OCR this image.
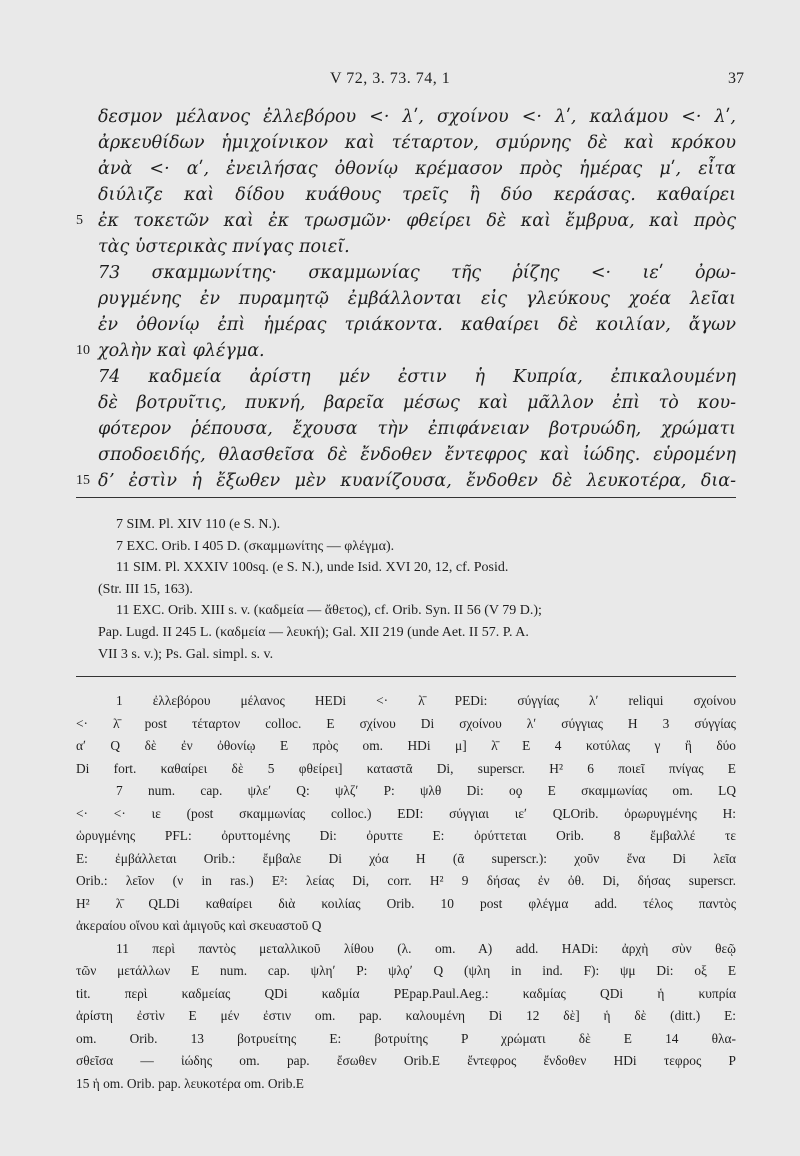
V 72, 3. 73. 74, 1	37
δεσμον μέλανος ἐλλεβόρου <· λʹ, σχοίνου <· λʹ, καλάμου <· λʹ,
ἀρκευθίδων ἡμιχοίνικον καὶ τέταρτον, σμύρνης δὲ καὶ κρόκου
ἀνὰ <· αʹ, ἐνειλήσας ὀθονίῳ κρέμασον πρὸς ἡμέρας μʹ, εἶτα
διύλιζε καὶ δίδου κυάθους τρεῖς ἢ δύο κεράσας. καθαίρει
5 ἐκ τοκετῶν καὶ ἐκ τρωσμῶν· φθείρει δὲ καὶ ἔμβρυα, καὶ πρὸς
τὰς ὑστερικὰς πνίγας ποιεῖ.
73 σκαμμωνίτης· σκαμμωνίας τῆς ῥίζης <· ιεʹ ὀρω-
ρυγμένης ἐν πυραμητῷ ἐμβάλλονται εἰς γλεύκους χοέα λεῖαι
ἐν ὀθονίῳ ἐπὶ ἡμέρας τριάκοντα. καθαίρει δὲ κοιλίαν, ἄγων
10 χολὴν καὶ φλέγμα.
74 καδμεία ἀρίστη μέν ἐστιν ἡ Κυπρία, ἐπικαλουμένη
δὲ βοτρυῖτις, πυκνή, βαρεῖα μέσως καὶ μᾶλλον ἐπὶ τὸ κου-
φότερον ῥέπουσα, ἔχουσα τὴν ἐπιφάνειαν βοτρυώδη, χρώματι
σποδοειδής, θλασθεῖσα δὲ ἔνδοθεν ἔντεφρος καὶ ἰώδης. εὑρομένη
15 δʼ ἐστὶν ἡ ἔξωθεν μὲν κυανίζουσα, ἔνδοθεν δὲ λευκοτέρα, δια-
7 SIM. Pl. XIV 110 (e S. N.).
7 EXC. Orib. I 405 D. (σκαμμωνίτης — φλέγμα).
11 SIM. Pl. XXXIV 100sq. (e S. N.), unde Isid. XVI 20, 12, cf. Posid.
(Str. III 15, 163).
11 EXC. Orib. XIII s. v. (καδμεία — ἄθετος), cf. Orib. Syn. II 56 (V 79 D.);
Pap. Lugd. II 245 L. (καδμεία — λευκή); Gal. XII 219 (unde Aet. II 57. P. A.
VII 3 s. v.); Ps. Gal. simpl. s. v.
1 ἐλλεβόρου μέλανος HEDi <· λ̄ PEDi: σύγγίας λʹ reliqui σχοίνου
<· λ̄ post τέταρτον colloc. E σχίνου Di σχοίνου λʹ σύγγιας H 3 σύγγίας
αʹ Q δὲ ἐν ὀθονίῳ E πρὸς om. HDi μ] λ̄ E 4 κοτύλας γ ἢ δύο
Di fort. καθαίρει δὲ 5 φθείρει] καταστᾶ Di, superscr. H² 6 ποιεῖ πνίγας E
7 num. cap. ψλεʹ Q: ψλζʹ P: ψλθ Di: οϙ E σκαμμωνίας om. LQ
<· <· ιε (post σκαμμωνίας colloc.) EDI: σύγγιαι ιεʹ QLOrib. ὀρωρυγμένης H:
ὡρυγμένης PFL: ὀρυττομένης Di: ὀρυττε E: ὀρύττεται Orib. 8 ἔμβαλλέ τε
E: ἐμβάλλεται Orib.: ἔμβαλε Di χόα H (ᾶ superscr.): χοῦν ἕνα Di λεῖα
Orib.: λεῖον (ν in ras.) E²: λείας Di, corr. H² 9 δήσας ἐν ὀθ. Di, δήσας superscr.
H² λ̄ QLDi καθαίρει διὰ κοιλίας Orib. 10 post φλέγμα add. τέλος παντὸς
ἀκεραίου οἴνου καὶ ἀμιγοῦς καὶ σκευαστοῦ Q
11 περὶ παντὸς μεταλλικοῦ λίθου (λ. om. A) add. HADi: ἀρχὴ σὺν θεῷ
τῶν μετάλλων E num. cap. ψληʹ P: ψλϙʹ Q (ψλη in ind. F): ψμ Di: οξ E
tit. περὶ καδμείας QDi καδμία PEpap.Paul.Aeg.: καδμίας QDi ἡ κυπρία
ἀρίστη ἐστὶν E μέν ἐστιν om. pap. καλουμένη Di 12 δὲ] ἡ δὲ (ditt.) E:
om. Orib. 13 βοτρυείτης E: βοτρυίτης P χρώματι δὲ E 14 θλα-
σθεῖσα — ἰώδης om. pap. ἔσωθεν Orib.E ἔντεφρος ἔνδοθεν HDi τεφρος P
15 ἡ om. Orib. pap. λευκοτέρα om. Orib.E
